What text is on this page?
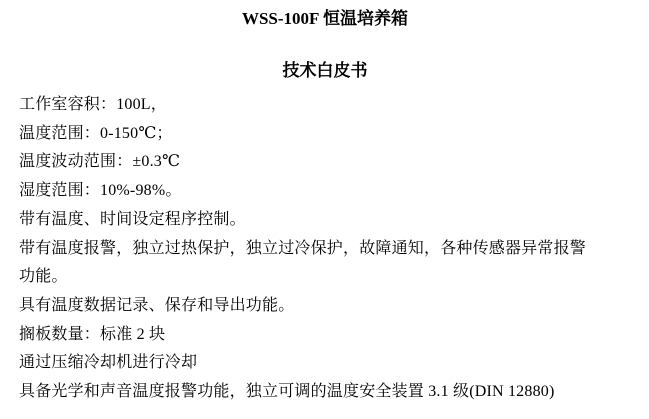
WSS-100F 恒温培养箱
技术白皮书

工作室容积：100L，

温度范围：0-150℃；

温度波动范围：±0.3℃

湿度范围：10%-98%。

带有温度、时间设定程序控制。

带有温度报警，独立过热保护，独立过冷保护，故障通知，各种传感器异常报警

功能。

具有温度数据记录、保存和导出功能。

搁板数量：标准 2 块

通过压缩冷却机进行冷却

具备光学和声音温度报警功能，独立可调的温度安全装置 3.1 级(DIN 12880)
